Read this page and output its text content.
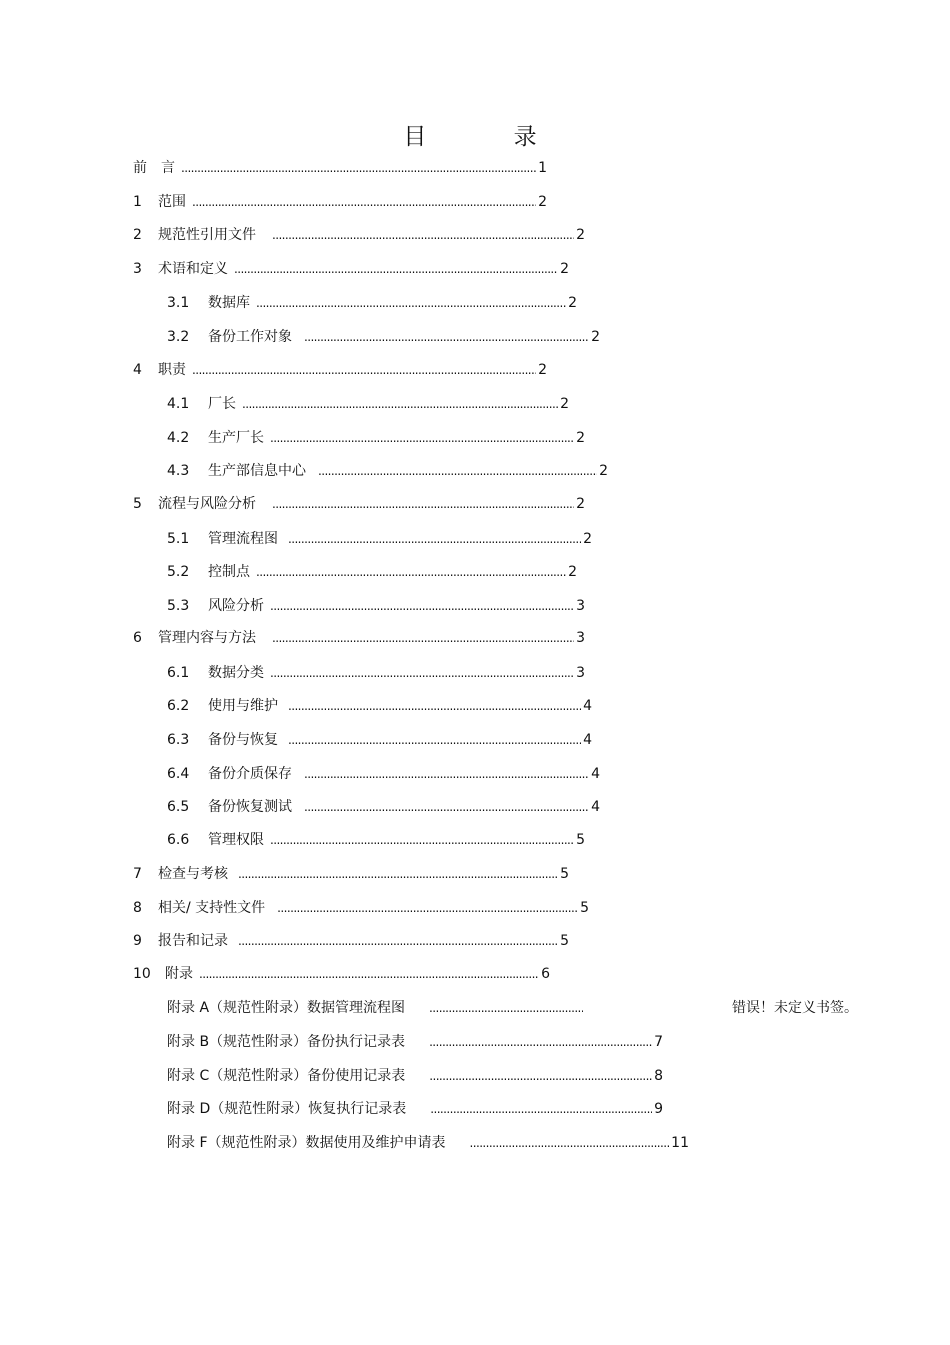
目 录
前　言 . . .	1
1	范围 . . .	2
2	规范性引用文件 . . .	2
3	术语和定义 . . .	2
3.1	数据库 . . .	2
3.2	备份工作对象 . . .	2
4	职责 . . .	2
4.1	厂长 . . .	2
4.2	生产厂长 . . .	2
4.3	生产部信息中心 . . .	2
5	流程与风险分析 . . .	2
5.1	管理流程图 . . .	2
5.2	控制点 . . .	2
5.3	风险分析 . . .	3
6	管理内容与方法 . . .	3
6.1	数据分类 . . .	3
6.2	使用与维护 . . .	4
6.3	备份与恢复 . . .	4
6.4	备份介质保存 . . .	4
6.5	备份恢复测试 . . .	4
6.6	管理权限 . . .	5
7	检查与考核 . . .	5
8	相关/ 支持性文件 . . .	5
9	报告和记录 . . .	5
10	附录 . . .	6
附录 A（规范性附录）数据管理流程图 . . .	错误！未定义书签。
附录 B（规范性附录）备份执行记录表 . . .	7
附录 C（规范性附录）备份使用记录表 . . .	8
附录 D（规范性附录）恢复执行记录表 . . .	9
附录 F（规范性附录）数据使用及维护申请表 . . .	11
